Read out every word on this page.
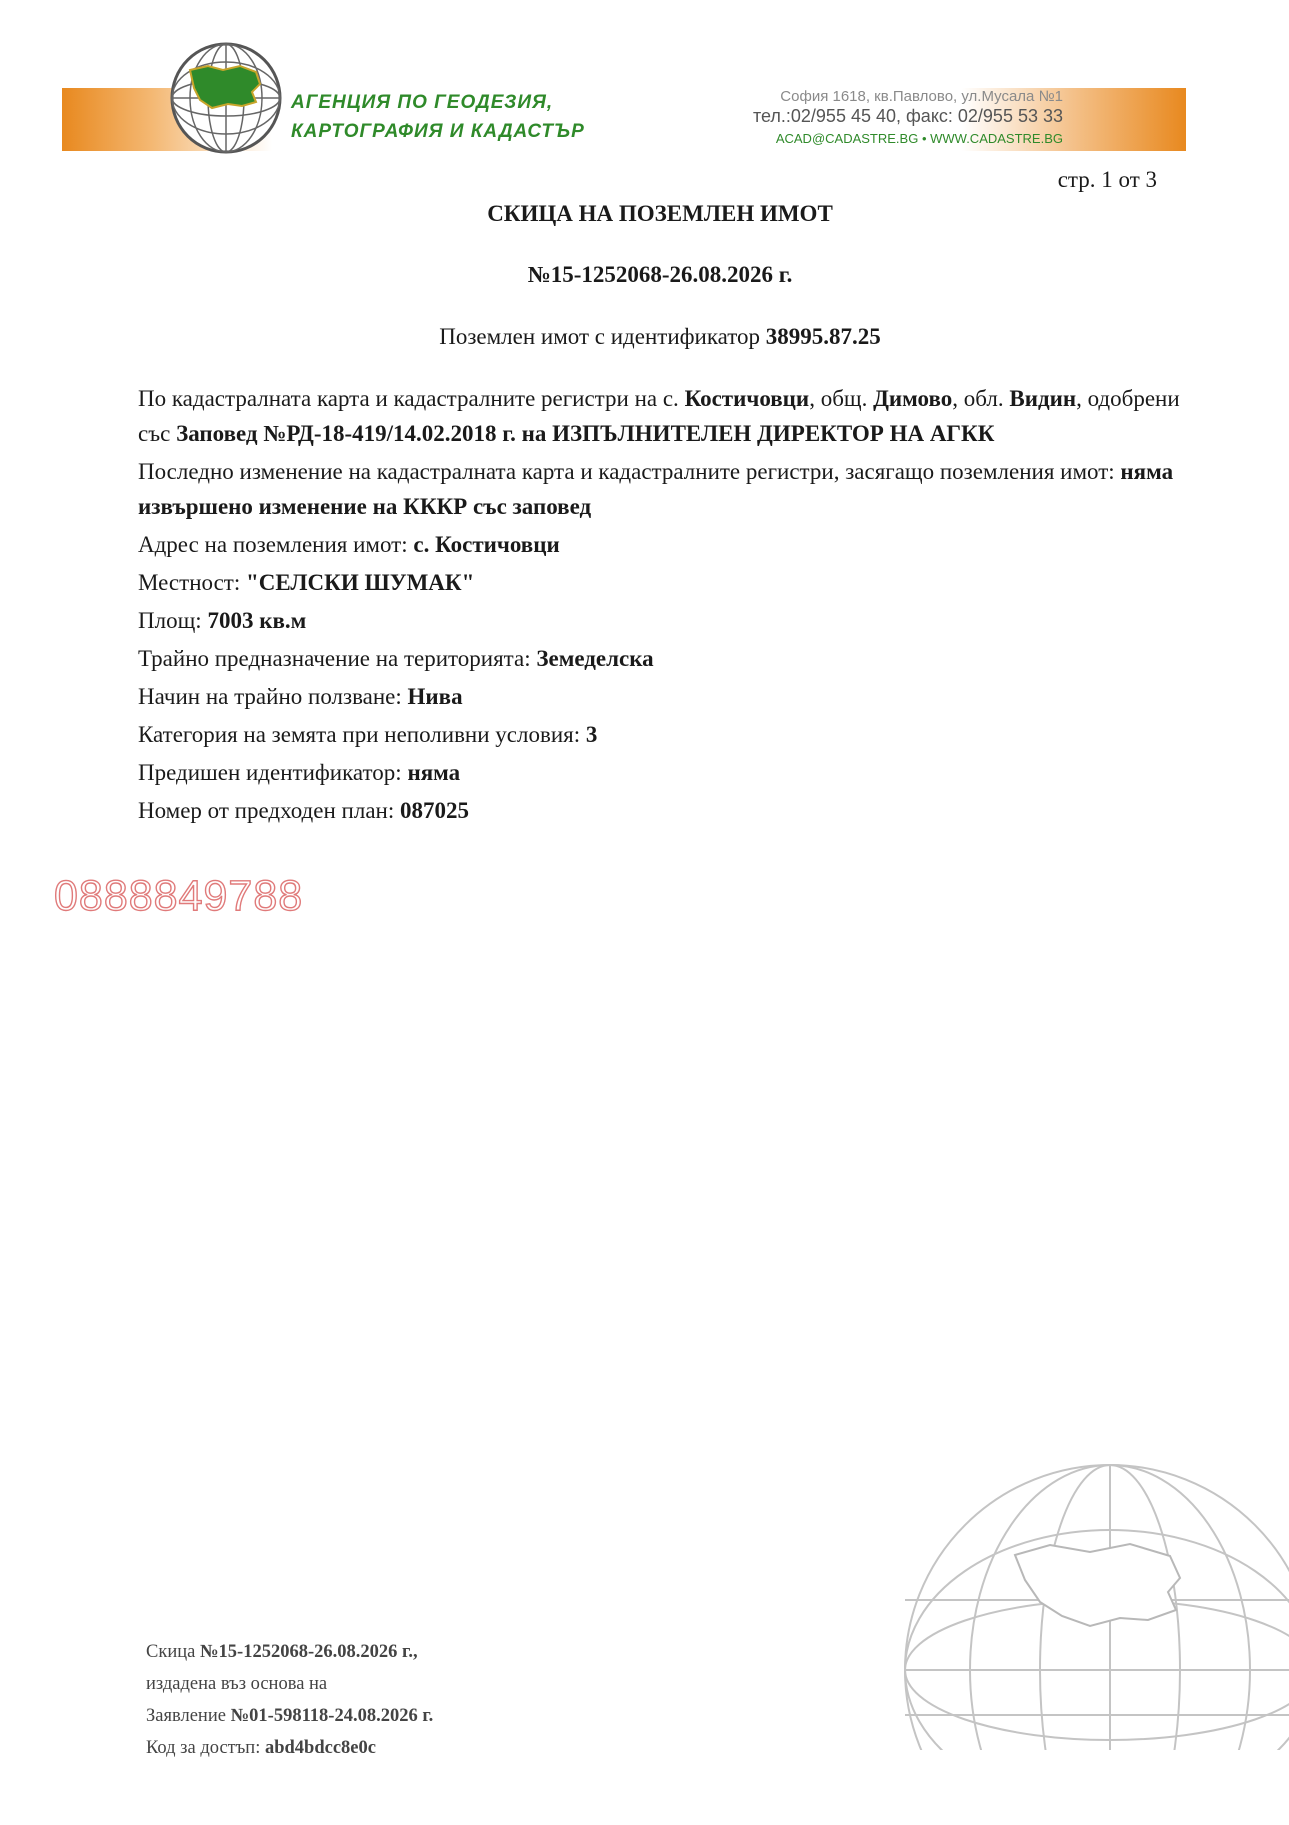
АГЕНЦИЯ ПО ГЕОДЕЗИЯ,
КАРТОГРАФИЯ И КАДАСТЪР
София 1618, кв.Павлово, ул.Мусала №1
тел.:02/955 45 40, факс: 02/955 53 33
ACAD@CADASTRE.BG • WWW.CADASTRE.BG
стр. 1 от 3
СКИЦА НА ПОЗЕМЛЕН ИМОТ
№15-1252068-26.08.2026 г.
Поземлен имот с идентификатор 38995.87.25

По кадастралната карта и кадастралните регистри на с. Костичовци, общ. Димово, обл. Видин, одобрени със Заповед №РД-18-419/14.02.2018 г. на ИЗПЪЛНИТЕЛЕН ДИРЕКТОР НА АГКК

Последно изменение на кадастралната карта и кадастралните регистри, засягащо поземления имот: няма извършено изменение на КККР със заповед

Адрес на поземления имот: с. Костичовци

Местност: "СЕЛСКИ ШУМАК"

Площ: 7003 кв.м

Трайно предназначение на територията: Земеделска

Начин на трайно ползване: Нива

Категория на земята при неполивни условия: 3

Предишен идентификатор: няма

Номер от предходен план: 087025

0888849788

Скица №15-1252068-26.08.2026 г.,

издадена въз основа на

Заявление №01-598118-24.08.2026 г.

Код за достъп: abd4bdcc8e0c
